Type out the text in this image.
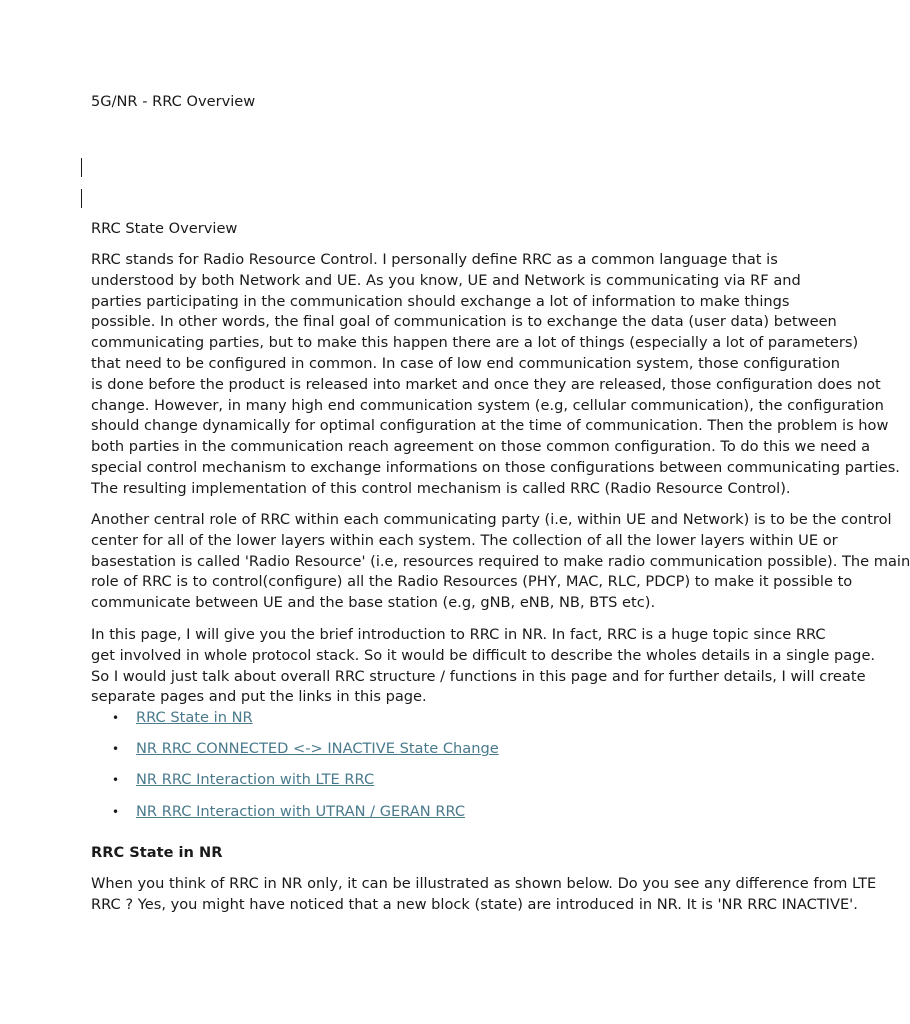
5G/NR - RRC Overview
RRC State Overview

RRC stands for Radio Resource Control. I personally define RRC as a common language that is
understood by both Network and UE. As you know, UE and Network is communicating via RF and
parties participating in the communication should exchange a lot of information to make things
possible. In other words, the final goal of communication is to exchange the data (user data) between
communicating parties, but to make this happen there are a lot of things (especially a lot of parameters)
that need to be configured in common. In case of low end communication system, those configuration
is done before the product is released into market and once they are released, those configuration does not
change. However, in many high end communication system (e.g, cellular communication), the configuration
should change dynamically for optimal configuration at the time of communication. Then the problem is how
both parties in the communication reach agreement on those common configuration. To do this we need a
special control mechanism to exchange informations on those configurations between communicating parties.
The resulting implementation of this control mechanism is called RRC (Radio Resource Control).

Another central role of RRC within each communicating party (i.e, within UE and Network) is to be the control
center for all of the lower layers within each system. The collection of all the lower layers within UE or
basestation is called 'Radio Resource' (i.e, resources required to make radio communication possible). The main
role of RRC is to control(configure) all the Radio Resources (PHY, MAC, RLC, PDCP) to make it possible to
communicate between UE and the base station (e.g, gNB, eNB, NB, BTS etc).

In this page, I will give you the brief introduction to RRC in NR. In fact, RRC is a huge topic since RRC
get involved in whole protocol stack. So it would be difficult to describe the wholes details in a single page.
So I would just talk about overall RRC structure / functions in this page and for further details, I will create
separate pages and put the links in this page.

• RRC State in NR
• NR RRC CONNECTED <-> INACTIVE State Change
• NR RRC Interaction with LTE RRC
• NR RRC Interaction with UTRAN / GERAN RRC
RRC State in NR

When you think of RRC in NR only, it can be illustrated as shown below. Do you see any difference from LTE
RRC ? Yes, you might have noticed that a new block (state) are introduced in NR. It is 'NR RRC INACTIVE'.
